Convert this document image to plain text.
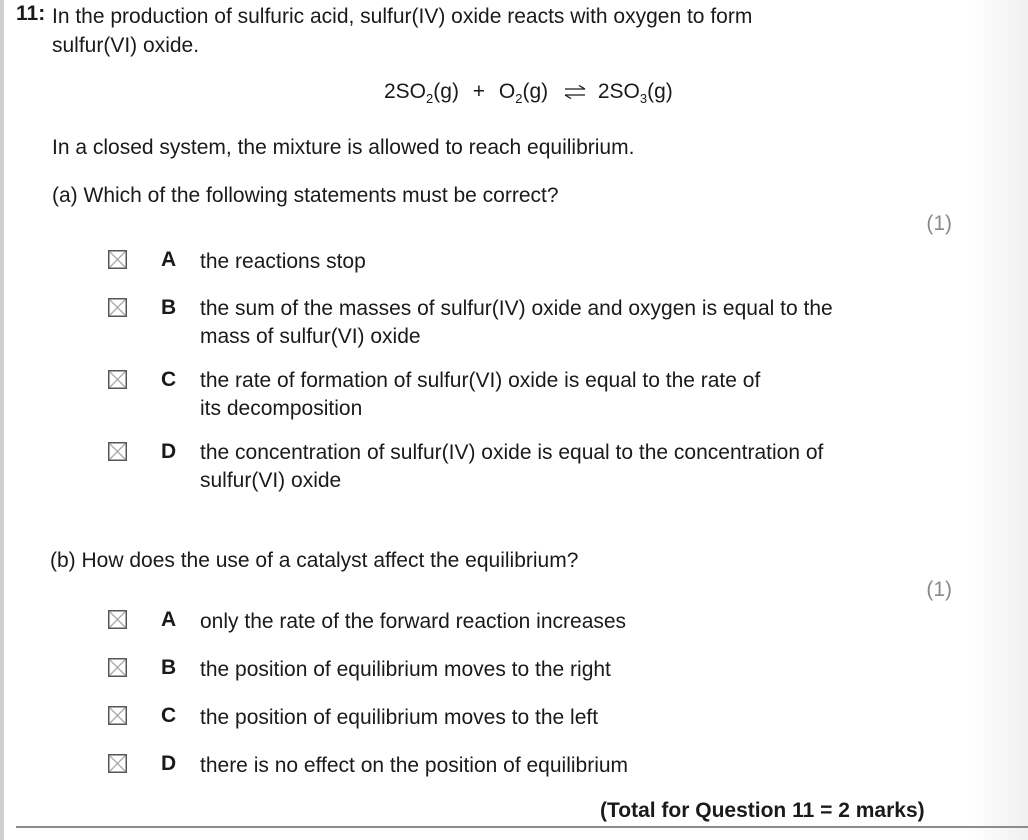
11: In the production of sulfuric acid, sulfur(IV) oxide reacts with oxygen to form
sulfur(VI) oxide.
$2SO_2(g) + O_2(g)$ ⇌ $2SO_3(g)$
In a closed system, the mixture is allowed to reach equilibrium.
(a) Which of the following statements must be correct?
(1)
A the reactions stop
B the sum of the masses of sulfur(IV) oxide and oxygen is equal to the
mass of sulfur(VI) oxide
C the rate of formation of sulfur(VI) oxide is equal to the rate of
its decomposition
D the concentration of sulfur(IV) oxide is equal to the concentration of
sulfur(VI) oxide
(b) How does the use of a catalyst affect the equilibrium?
(1)
A only the rate of the forward reaction increases
B the position of equilibrium moves to the right
C the position of equilibrium moves to the left
D there is no effect on the position of equilibrium
(Total for Question 11 = 2 marks)
